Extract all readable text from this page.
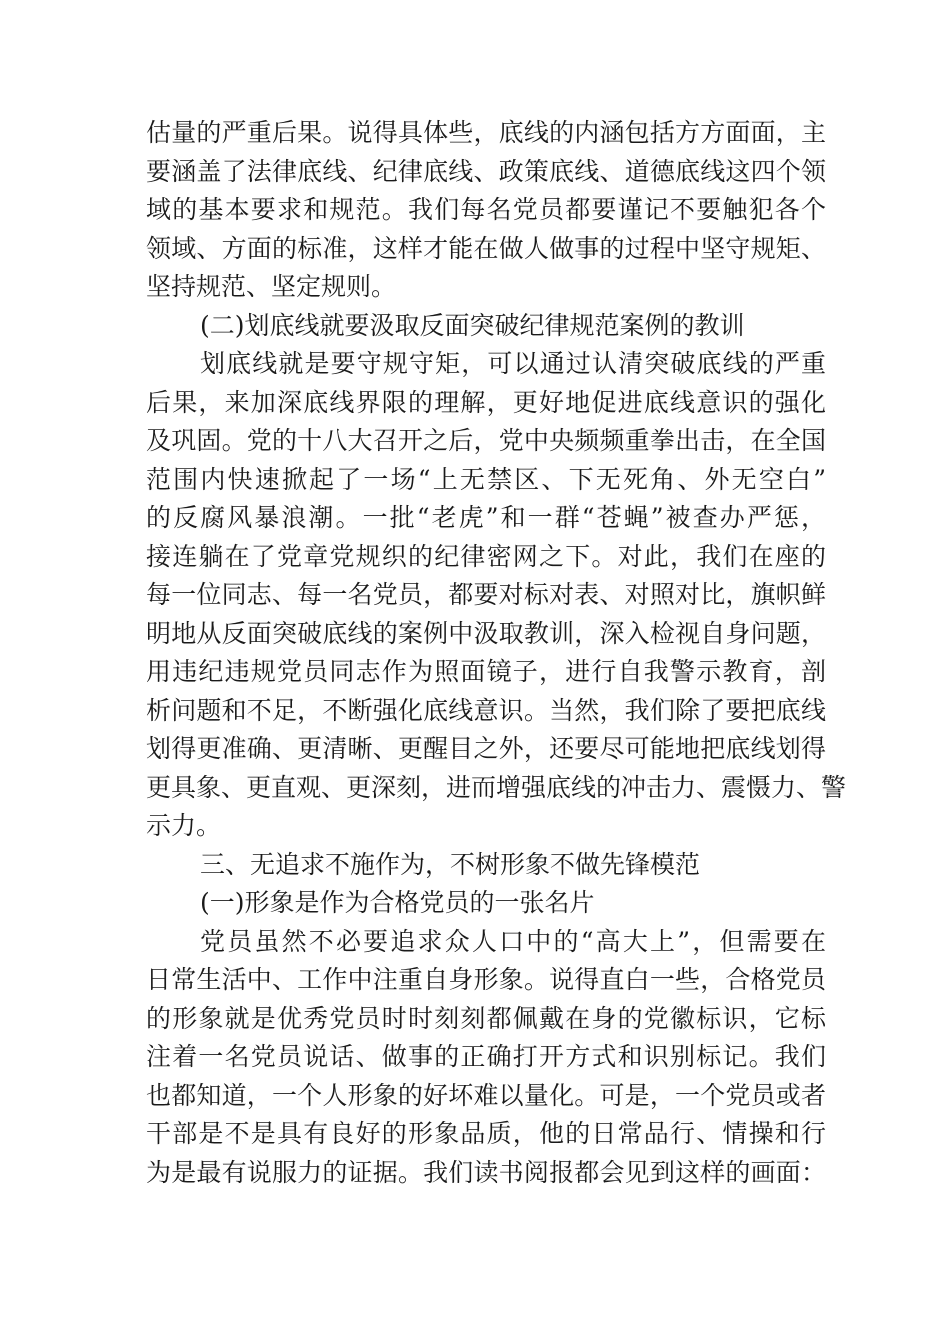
估量的严重后果。说得具体些，底线的内涵包括方方面面，主
要涵盖了法律底线、纪律底线、政策底线、道德底线这四个领
域的基本要求和规范。我们每名党员都要谨记不要触犯各个
领域、方面的标准，这样才能在做人做事的过程中坚守规矩、
坚持规范、坚定规则。
(二)划底线就要汲取反面突破纪律规范案例的教训
划底线就是要守规守矩，可以通过认清突破底线的严重
后果，来加深底线界限的理解，更好地促进底线意识的强化
及巩固。党的十八大召开之后，党中央频频重拳出击，在全国
范围内快速掀起了一场“上无禁区、下无死角、外无空白”
的反腐风暴浪潮。一批“老虎”和一群“苍蝇”被查办严惩，
接连躺在了党章党规织的纪律密网之下。对此，我们在座的
每一位同志、每一名党员，都要对标对表、对照对比，旗帜鲜
明地从反面突破底线的案例中汲取教训，深入检视自身问题，
用违纪违规党员同志作为照面镜子，进行自我警示教育，剖
析问题和不足，不断强化底线意识。当然，我们除了要把底线
划得更准确、更清晰、更醒目之外，还要尽可能地把底线划得
更具象、更直观、更深刻，进而增强底线的冲击力、震慑力、警
示力。
三、无追求不施作为，不树形象不做先锋模范
(一)形象是作为合格党员的一张名片
党员虽然不必要追求众人口中的“高大上”，但需要在
日常生活中、工作中注重自身形象。说得直白一些，合格党员
的形象就是优秀党员时时刻刻都佩戴在身的党徽标识，它标
注着一名党员说话、做事的正确打开方式和识别标记。我们
也都知道，一个人形象的好坏难以量化。可是，一个党员或者
干部是不是具有良好的形象品质，他的日常品行、情操和行
为是最有说服力的证据。我们读书阅报都会见到这样的画面：
